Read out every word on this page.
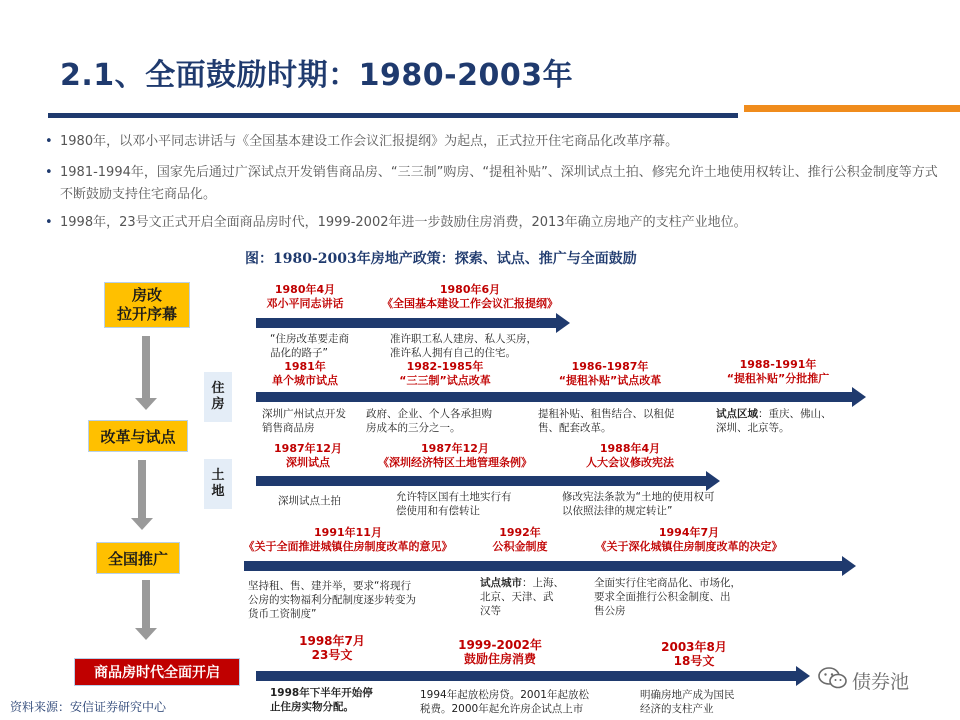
2.1、全面鼓励时期：1980-2003年
• 1980年，以邓小平同志讲话与《全国基本建设工作会议汇报提纲》为起点，正式拉开住宅商品化改革序幕。
• 1981-1994年，国家先后通过广深试点开发销售商品房、“三三制”购房、“提租补贴”、深圳试点土拍、修宪允许土地使用权转让、推行公积金制度等方式不断鼓励支持住宅商品化。
• 1998年，23号文正式开启全面商品房时代，1999-2002年进一步鼓励住房消费，2013年确立房地产的支柱产业地位。
图：1980-2003年房地产政策：探索、试点、推广与全面鼓励
房改
拉开序幕
改革与试点
全国推广
商品房时代全面开启
住
房
土
地
1980年4月
邓小平同志讲话
1980年6月
《全国基本建设工作会议汇报提纲》
“住房改革要走商
品化的路子”
准许职工私人建房、私人买房，
准许私人拥有自己的住宅。
1981年
单个城市试点
1982-1985年
“三三制”试点改革
1986-1987年
“提租补贴”试点改革
1988-1991年
“提租补贴”分批推广
深圳广州试点开发
销售商品房
政府、企业、个人各承担购
房成本的三分之一。
提租补贴、租售结合、以租促
售、配套改革。
试点区域：重庆、佛山、
深圳、北京等。
1987年12月
深圳试点
1987年12月
《深圳经济特区土地管理条例》
1988年4月
人大会议修改宪法
深圳试点土拍	允许特区国有土地实行有
偿使用和有偿转让
修改宪法条款为“土地的使用权可
以依照法律的规定转让”
1991年11月
《关于全面推进城镇住房制度改革的意见》
1992年
公积金制度
1994年7月
《关于深化城镇住房制度改革的决定》
坚持租、售、建并举，要求“将现行
公房的实物福利分配制度逐步转变为
货币工资制度”
试点城市：上海、
北京、天津、武
汉等
全面实行住宅商品化、市场化，
要求全面推行公积金制度、出
售公房
1998年7月
23号文
1999-2002年
鼓励住房消费
2003年8月
18号文
1998年下半年开始停
止住房实物分配。
1994年起放松房贷。2001年起放松
税费。2000年起允许房企试点上市
明确房地产成为国民
经济的支柱产业
资料来源：安信证券研究中心
债券池
